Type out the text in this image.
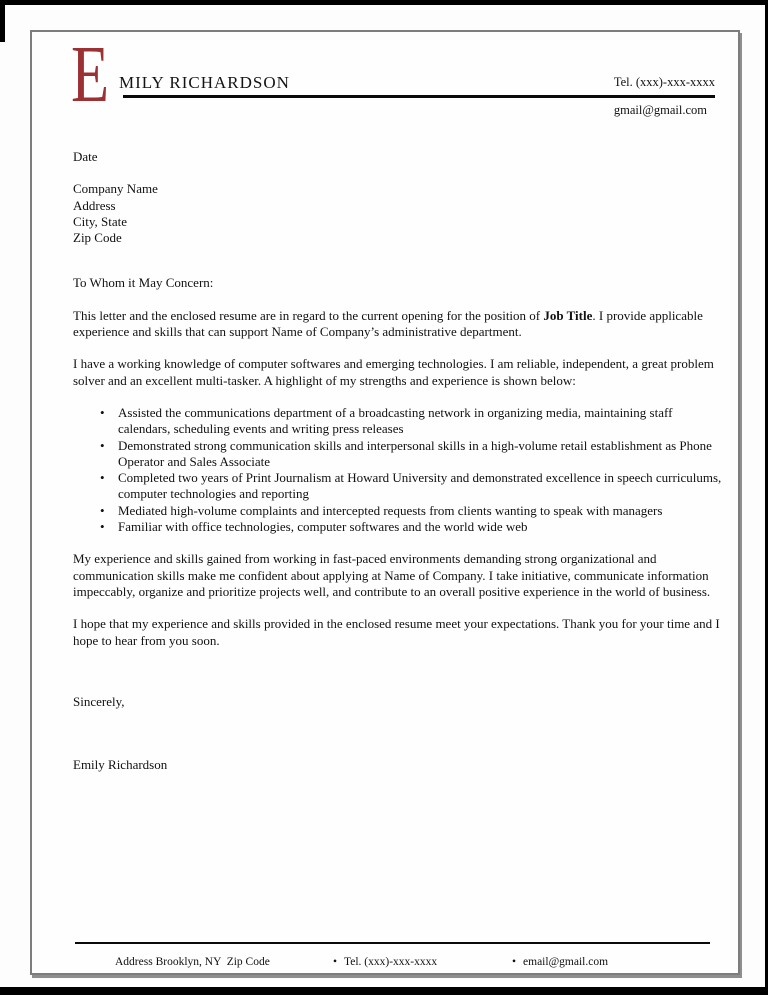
E MILY RICHARDSON	Tel. (xxx)-xxx-xxxx
gmail@gmail.com

Date

Company Name
Address
City, State
Zip Code

To Whom it May Concern:

This letter and the enclosed resume are in regard to the current opening for the position of Job Title. I provide applicable experience and skills that can support Name of Company’s administrative department.

I have a working knowledge of computer softwares and emerging technologies. I am reliable, independent, a great problem solver and an excellent multi-tasker. A highlight of my strengths and experience is shown below:

• Assisted the communications department of a broadcasting network in organizing media, maintaining staff calendars, scheduling events and writing press releases
• Demonstrated strong communication skills and interpersonal skills in a high-volume retail establishment as Phone Operator and Sales Associate
• Completed two years of Print Journalism at Howard University and demonstrated excellence in speech curriculums, computer technologies and reporting
• Mediated high-volume complaints and intercepted requests from clients wanting to speak with managers
• Familiar with office technologies, computer softwares and the world wide web

My experience and skills gained from working in fast-paced environments demanding strong organizational and communication skills make me confident about applying at Name of Company. I take initiative, communicate information impeccably, organize and prioritize projects well, and contribute to an overall positive experience in the world of business.

I hope that my experience and skills provided in the enclosed resume meet your expectations. Thank you for your time and I hope to hear from you soon.

Sincerely,

Emily Richardson

Address Brooklyn, NY  Zip Code	• Tel. (xxx)-xxx-xxxx	• email@gmail.com
